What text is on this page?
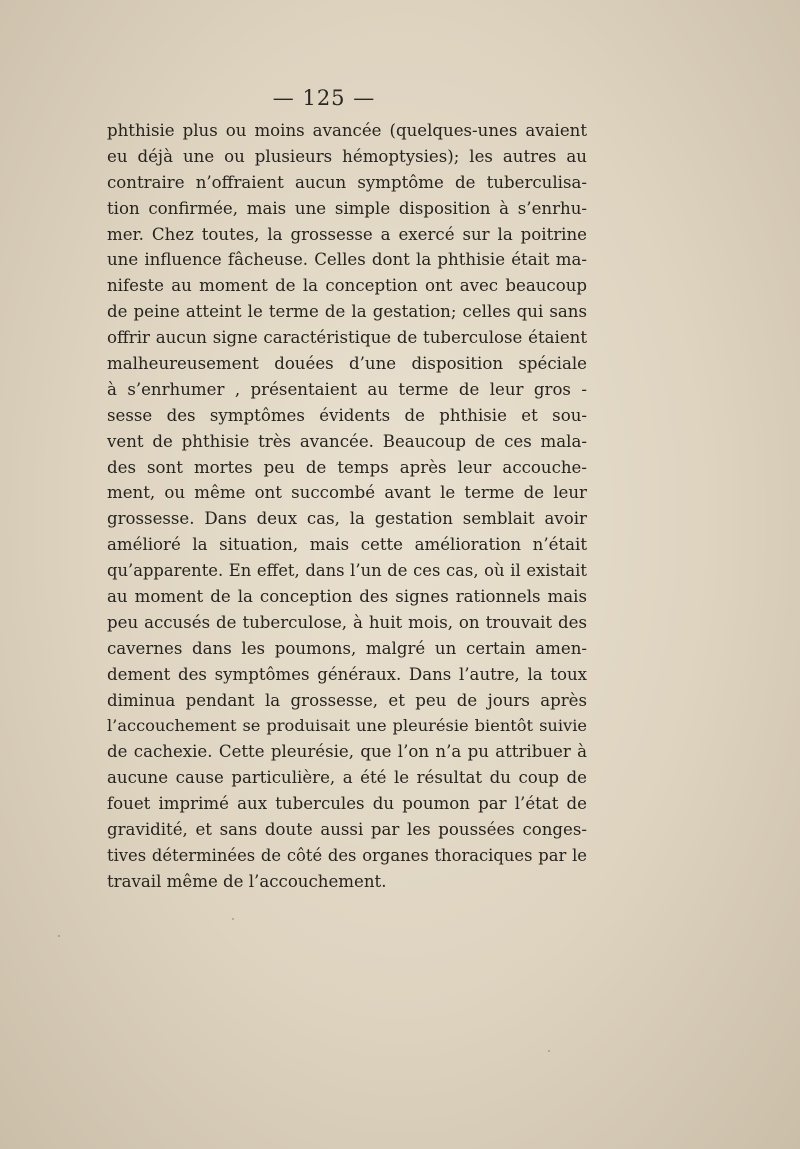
— 125 —
phthisie plus ou moins avancée (quelques-unes avaient
eu déjà une ou plusieurs hémoptysies); les autres au
contraire n’offraient aucun symptôme de tuberculisa-
tion confirmée, mais une simple disposition à s’enrhu-
mer. Chez toutes, la grossesse a exercé sur la poitrine
une influence fâcheuse. Celles dont la phthisie était ma-
nifeste au moment de la conception ont avec beaucoup
de peine atteint le terme de la gestation; celles qui sans
offrir aucun signe caractéristique de tuberculose étaient
malheureusement douées d’une disposition spéciale
à s’enrhumer , présentaient au terme de leur gros -
sesse des symptômes évidents de phthisie et sou-
vent de phthisie très avancée. Beaucoup de ces mala-
des sont mortes peu de temps après leur accouche-
ment, ou même ont succombé avant le terme de leur
grossesse. Dans deux cas, la gestation semblait avoir
amélioré la situation, mais cette amélioration n’était
qu’apparente. En effet, dans l’un de ces cas, où il existait
au moment de la conception des signes rationnels mais
peu accusés de tuberculose, à huit mois, on trouvait des
cavernes dans les poumons, malgré un certain amen-
dement des symptômes généraux. Dans l’autre, la toux
diminua pendant la grossesse, et peu de jours après
l’accouchement se produisait une pleurésie bientôt suivie
de cachexie. Cette pleurésie, que l’on n’a pu attribuer à
aucune cause particulière, a été le résultat du coup de
fouet imprimé aux tubercules du poumon par l’état de
gravidité, et sans doute aussi par les poussées conges-
tives déterminées de côté des organes thoraciques par le
travail même de l’accouchement.
